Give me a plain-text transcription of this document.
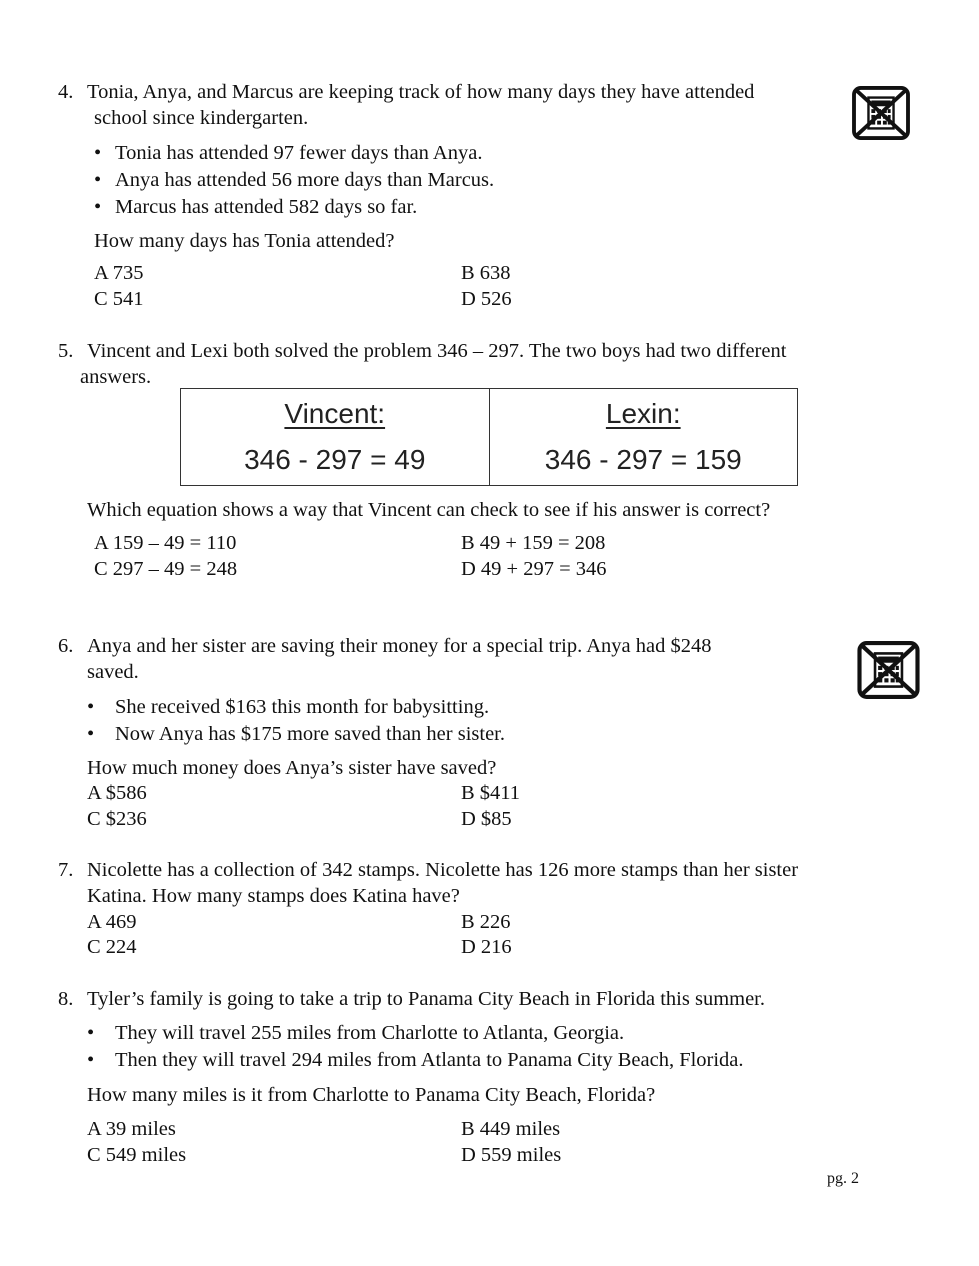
4. Tonia, Anya, and Marcus are keeping track of how many days they have attended
school since kindergarten.
• Tonia has attended 97 fewer days than Anya.
• Anya has attended 56 more days than Marcus.
• Marcus has attended 582 days so far.
How many days has Tonia attended?
A 735	B 638
C 541	D 526
5. Vincent and Lexi both solved the problem 346 – 297. The two boys had two different
answers.
Vincent:
346 - 297 = 49
Lexin:
346 - 297 = 159
Which equation shows a way that Vincent can check to see if his answer is correct?
A 159 – 49 = 110	B 49 + 159 = 208
C 297 – 49 = 248	D 49 + 297 = 346
6. Anya and her sister are saving their money for a special trip. Anya had $248
saved.
• She received $163 this month for babysitting.
• Now Anya has $175 more saved than her sister.
How much money does Anya’s sister have saved?
A $586	B $411
C $236	D $85
7. Nicolette has a collection of 342 stamps. Nicolette has 126 more stamps than her sister
Katina. How many stamps does Katina have?
A 469	B 226
C 224	D 216
8. Tyler’s family is going to take a trip to Panama City Beach in Florida this summer.
• They will travel 255 miles from Charlotte to Atlanta, Georgia.
• Then they will travel 294 miles from Atlanta to Panama City Beach, Florida.
How many miles is it from Charlotte to Panama City Beach, Florida?
A 39 miles	B 449 miles
C 549 miles	D 559 miles
pg. 2
